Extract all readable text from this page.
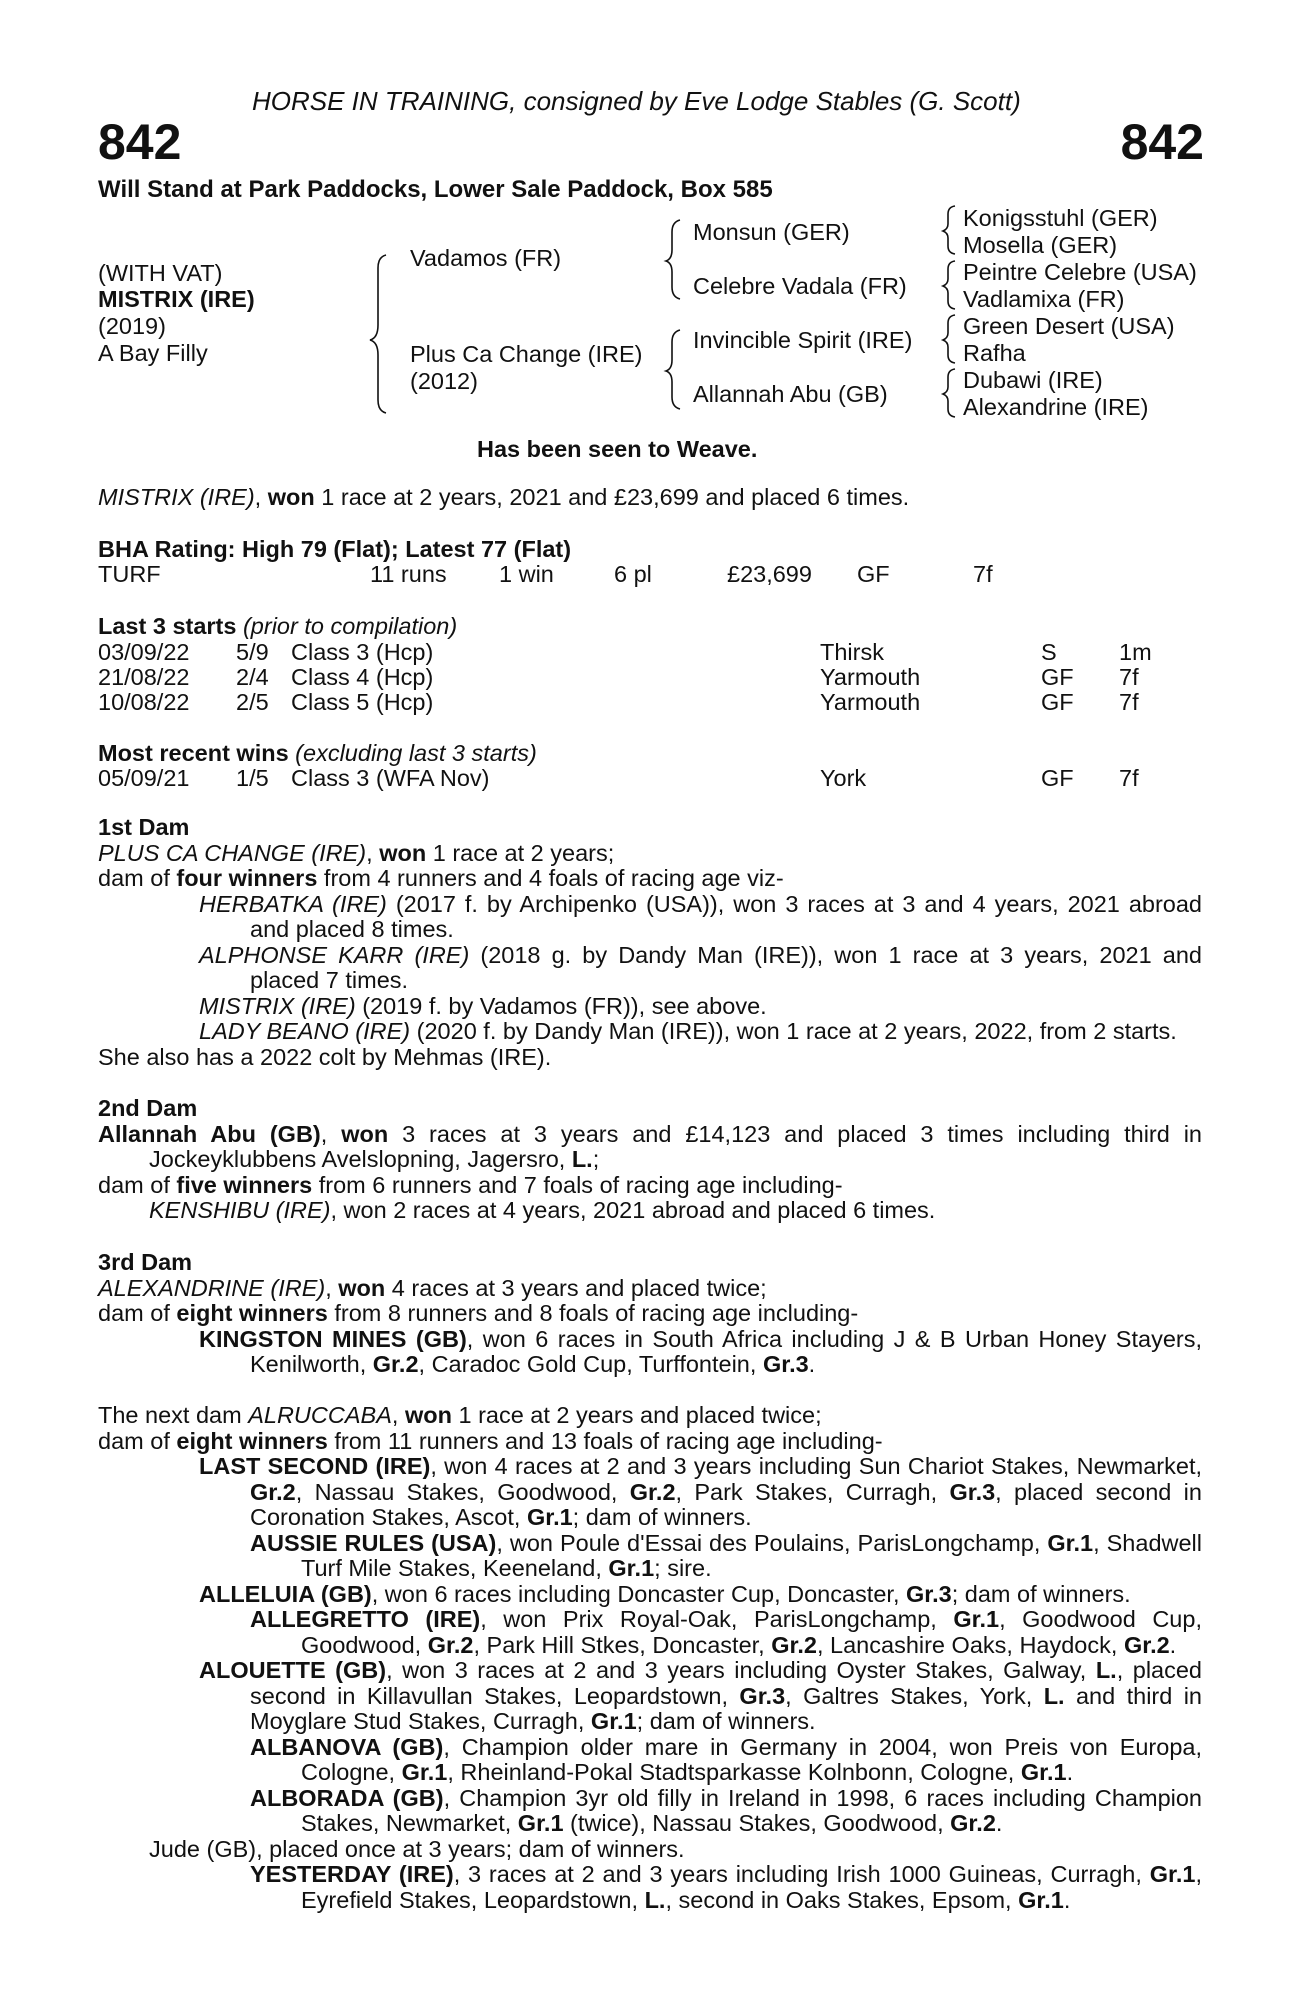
HORSE IN TRAINING, consigned by Eve Lodge Stables (G. Scott)
842	842
Will Stand at Park Paddocks, Lower Sale Paddock, Box 585
(WITH VAT)
MISTRIX (IRE)
(2019)
A Bay Filly
Vadamos (FR)
Plus Ca Change (IRE)
(2012)
Monsun (GER)
Celebre Vadala (FR)
Invincible Spirit (IRE)
Allannah Abu (GB)
Konigsstuhl (GER)
Mosella (GER)
Peintre Celebre (USA)
Vadlamixa (FR)
Green Desert (USA)
Rafha
Dubawi (IRE)
Alexandrine (IRE)
Has been seen to Weave.
MISTRIX (IRE), won 1 race at 2 years, 2021 and £23,699 and placed 6 times.
BHA Rating: High 79 (Flat); Latest 77 (Flat)
TURF	11 runs 1 win	6 pl	£23,699 GF	7f
Last 3 starts (prior to compilation)
03/09/22 5/9 Class 3 (Hcp)	Thirsk	S	1m
21/08/22 2/4 Class 4 (Hcp)	Yarmouth	GF 7f
10/08/22 2/5 Class 5 (Hcp)	Yarmouth	GF 7f
Most recent wins (excluding last 3 starts)
05/09/21 1/5 Class 3 (WFA Nov)	York	GF 7f

1st Dam

PLUS CA CHANGE (IRE), won 1 race at 2 years;

dam of four winners from 4 runners and 4 foals of racing age viz-

HERBATKA (IRE) (2017 f. by Archipenko (USA)), won 3 races at 3 and 4 years, 2021 abroad and placed 8 times.

ALPHONSE KARR (IRE) (2018 g. by Dandy Man (IRE)), won 1 race at 3 years, 2021 and placed 7 times.

MISTRIX (IRE) (2019 f. by Vadamos (FR)), see above.

LADY BEANO (IRE) (2020 f. by Dandy Man (IRE)), won 1 race at 2 years, 2022, from 2 starts.

She also has a 2022 colt by Mehmas (IRE).

2nd Dam

Allannah Abu (GB), won 3 races at 3 years and £14,123 and placed 3 times including third in Jockeyklubbens Avelslopning, Jagersro, L.;

dam of five winners from 6 runners and 7 foals of racing age including-

KENSHIBU (IRE), won 2 races at 4 years, 2021 abroad and placed 6 times.

3rd Dam

ALEXANDRINE (IRE), won 4 races at 3 years and placed twice;

dam of eight winners from 8 runners and 8 foals of racing age including-

KINGSTON MINES (GB), won 6 races in South Africa including J & B Urban Honey Stayers, Kenilworth, Gr.2, Caradoc Gold Cup, Turffontein, Gr.3.

The next dam ALRUCCABA, won 1 race at 2 years and placed twice;

dam of eight winners from 11 runners and 13 foals of racing age including-

LAST SECOND (IRE), won 4 races at 2 and 3 years including Sun Chariot Stakes, Newmarket, Gr.2, Nassau Stakes, Goodwood, Gr.2, Park Stakes, Curragh, Gr.3, placed second in Coronation Stakes, Ascot, Gr.1; dam of winners.

AUSSIE RULES (USA), won Poule d'Essai des Poulains, ParisLongchamp, Gr.1, Shadwell Turf Mile Stakes, Keeneland, Gr.1; sire.

ALLELUIA (GB), won 6 races including Doncaster Cup, Doncaster, Gr.3; dam of winners.

ALLEGRETTO (IRE), won Prix Royal-Oak, ParisLongchamp, Gr.1, Goodwood Cup, Goodwood, Gr.2, Park Hill Stkes, Doncaster, Gr.2, Lancashire Oaks, Haydock, Gr.2.

ALOUETTE (GB), won 3 races at 2 and 3 years including Oyster Stakes, Galway, L., placed second in Killavullan Stakes, Leopardstown, Gr.3, Galtres Stakes, York, L. and third in Moyglare Stud Stakes, Curragh, Gr.1; dam of winners.

ALBANOVA (GB), Champion older mare in Germany in 2004, won Preis von Europa, Cologne, Gr.1, Rheinland-Pokal Stadtsparkasse Kolnbonn, Cologne, Gr.1.

ALBORADA (GB), Champion 3yr old filly in Ireland in 1998, 6 races including Champion Stakes, Newmarket, Gr.1 (twice), Nassau Stakes, Goodwood, Gr.2.

Jude (GB), placed once at 3 years; dam of winners.

YESTERDAY (IRE), 3 races at 2 and 3 years including Irish 1000 Guineas, Curragh, Gr.1, Eyrefield Stakes, Leopardstown, L., second in Oaks Stakes, Epsom, Gr.1.
